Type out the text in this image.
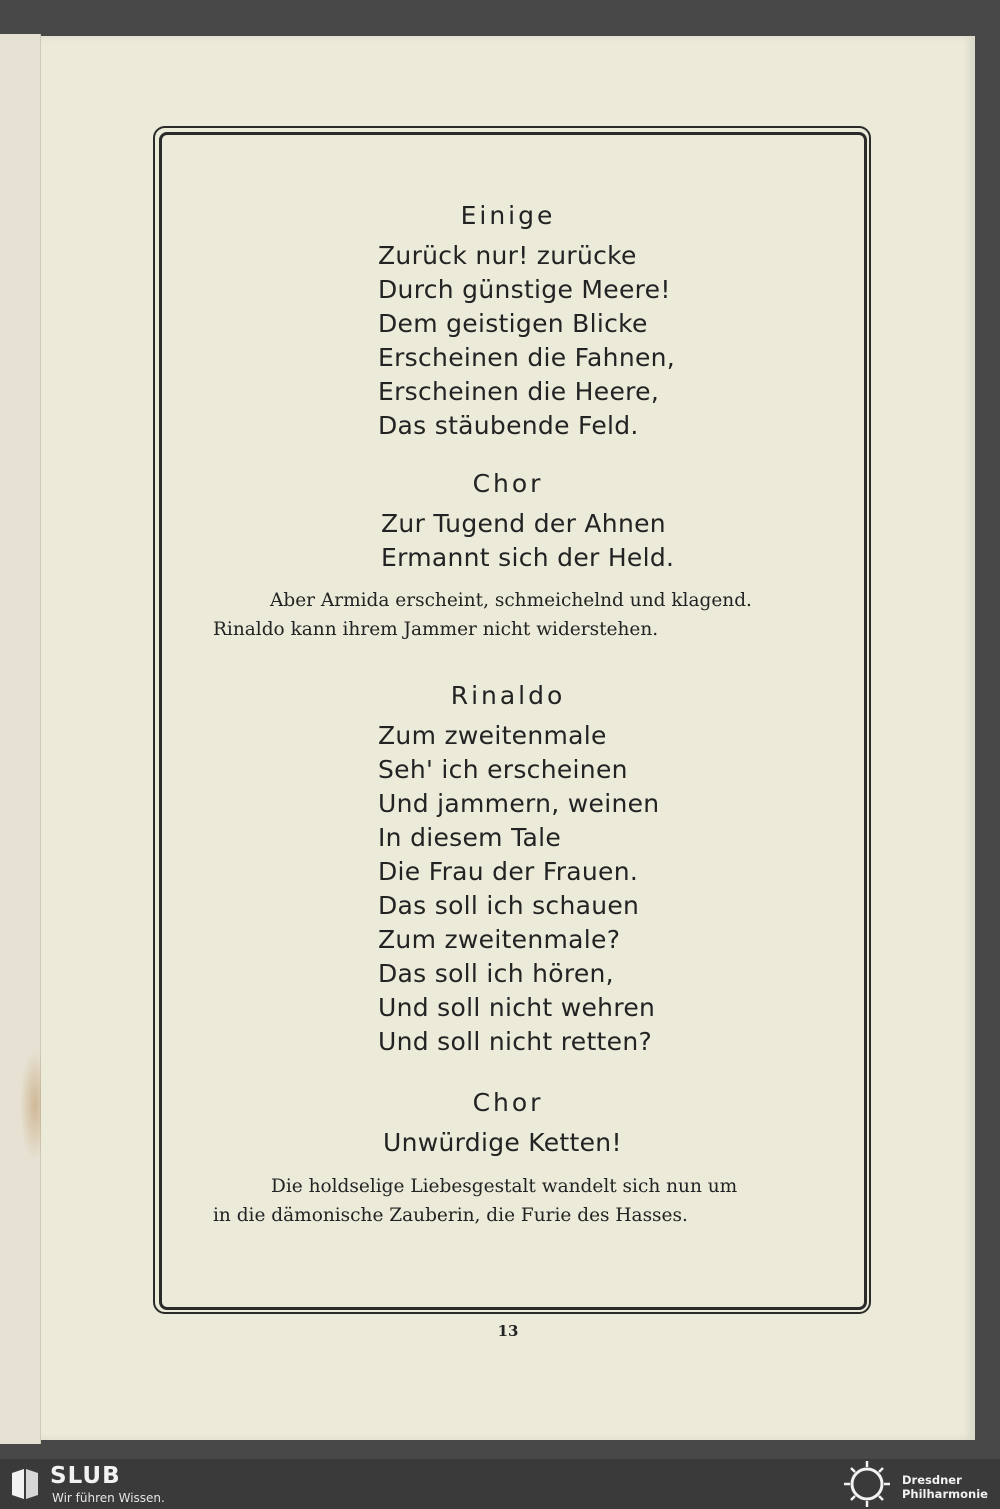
Einige
Zurück nur! zurücke
Durch günstige Meere!
Dem geistigen Blicke
Erscheinen die Fahnen,
Erscheinen die Heere,
Das stäubende Feld.
Chor
Zur Tugend der Ahnen
Ermannt sich der Held.
Aber Armida erscheint, schmeichelnd und klagend.
Rinaldo kann ihrem Jammer nicht widerstehen.
Rinaldo
Zum zweitenmale
Seh' ich erscheinen
Und jammern, weinen
In diesem Tale
Die Frau der Frauen.
Das soll ich schauen
Zum zweitenmale?
Das soll ich hören,
Und soll nicht wehren
Und soll nicht retten?
Chor
Unwürdige Ketten!
Die holdselige Liebesgestalt wandelt sich nun um
in die dämonische Zauberin, die Furie des Hasses.
13
SLUB
Wir führen Wissen.
Dresdner
Philharmonie
